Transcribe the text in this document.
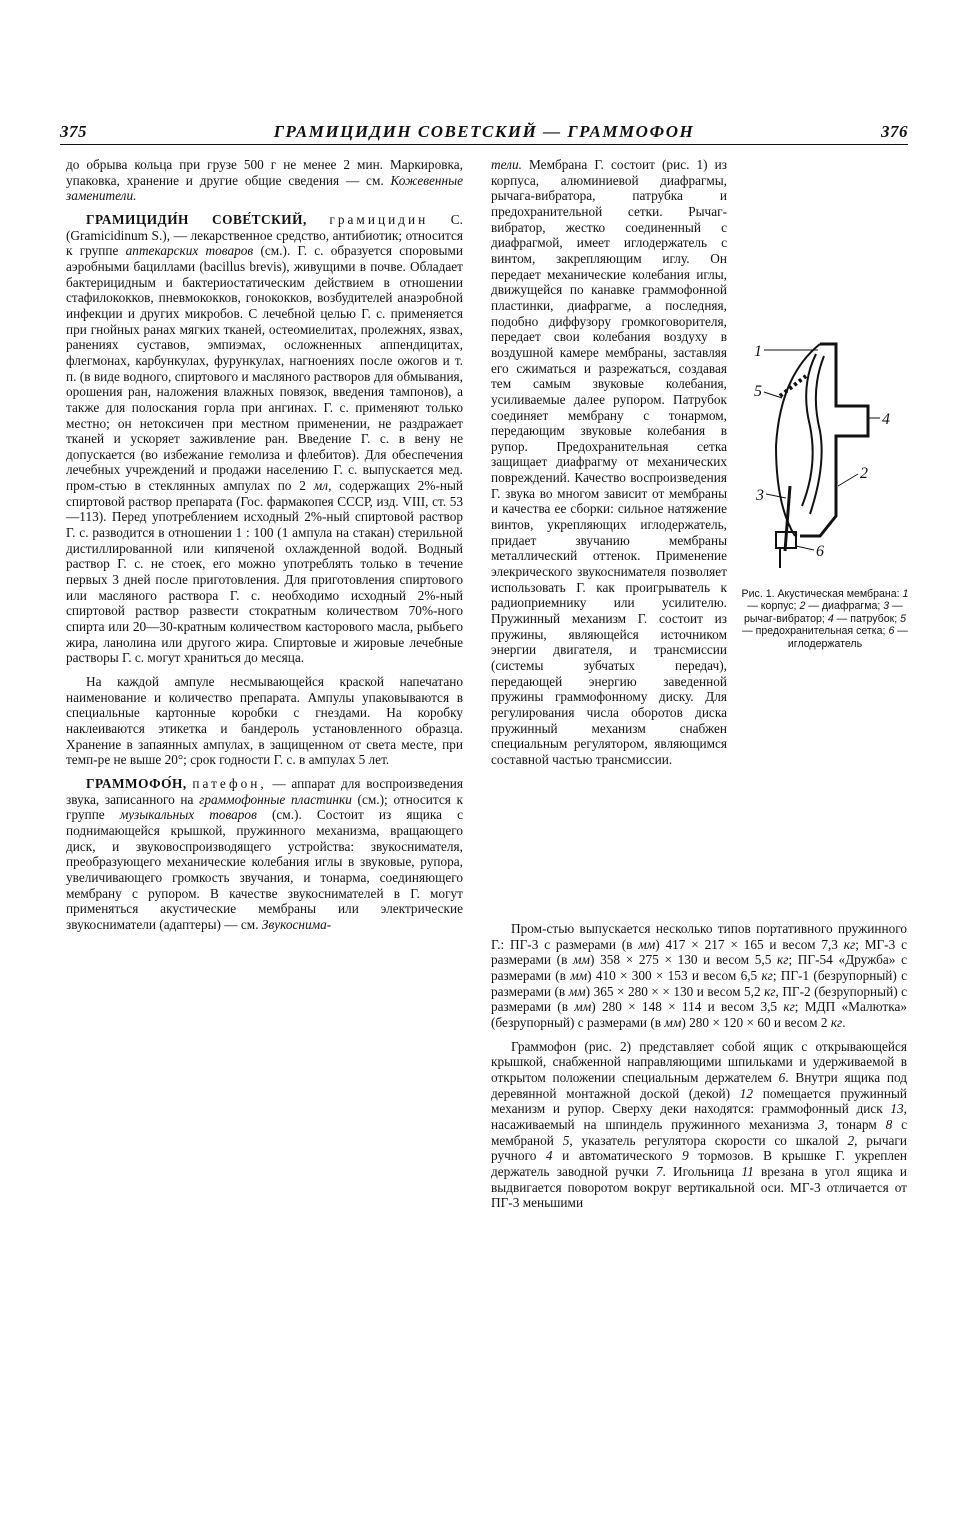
375	ГРАМИЦИДИН СОВЕТСКИЙ — ГРАММОФОН	376

до обрыва кольца при грузе 500 г не менее 2 мин. Маркировка, упаковка, хранение и другие общие сведения — см. Кожевенные заменители.

ГРАМИЦИДИ́Н СОВЕ́ТСКИЙ, грамицидин С. (Gramicidinum S.), — лекарственное средство, антибиотик; относится к группе аптекарских товаров (см.). Г. с. образуется споровыми аэробными бациллами (bacillus brevis), живущими в почве. Обладает бактерицидным и бактериостатическим действием в отношении стафилококков, пневмококков, гонококков, возбудителей анаэробной инфекции и других микробов. С лечебной целью Г. с. применяется при гнойных ранах мягких тканей, остеомиелитах, пролежнях, язвах, ранениях суставов, эмпиэмах, осложненных аппендицитах, флегмонах, карбункулах, фурункулах, нагноениях после ожогов и т. п. (в виде водного, спиртового и масляного растворов для обмывания, орошения ран, наложения влажных повязок, введения тампонов), а также для полоскания горла при ангинах. Г. с. применяют только местно; он нетоксичен при местном применении, не раздражает тканей и ускоряет заживление ран. Введение Г. с. в вену не допускается (во избежание гемолиза и флебитов). Для обеспечения лечебных учреждений и продажи населению Г. с. выпускается мед. пром-стью в стеклянных ампулах по 2 мл, содержащих 2%-ный спиртовой раствор препарата (Гос. фармакопея СССР, изд. VIII, ст. 53—113). Перед употреблением исходный 2%-ный спиртовой раствор Г. с. разводится в отношении 1 : 100 (1 ампула на стакан) стерильной дистиллированной или кипяченой охлажденной водой. Водный раствор Г. с. не стоек, его можно употреблять только в течение первых 3 дней после приготовления. Для приготовления спиртового или масляного раствора Г. с. необходимо исходный 2%-ный спиртовой раствор развести стократным количеством 70%-ного спирта или 20—30-кратным количеством касторового масла, рыбьего жира, ланолина или другого жира. Спиртовые и жировые лечебные растворы Г. с. могут храниться до месяца.

На каждой ампуле несмывающейся краской напечатано наименование и количество препарата. Ампулы упаковываются в специальные картонные коробки с гнездами. На коробку наклеиваются этикетка и бандероль установленного образца. Хранение в запаянных ампулах, в защищенном от света месте, при темп-ре не выше 20°; срок годности Г. с. в ампулах 5 лет.

ГРАММОФО́Н, патефон, — аппарат для воспроизведения звука, записанного на граммофонные пластинки (см.); относится к группе музыкальных товаров (см.). Состоит из ящика с поднимающейся крышкой, пружинного механизма, вращающего диск, и звуковоспроизводящего устройства: звукоснимателя, преобразующего механические колебания иглы в звуковые, рупора, увеличивающего громкость звучания, и тонарма, соединяющего мембрану с рупором. В качестве звукоснимателей в Г. могут применяться акустические мембраны или электрические звукосниматели (адаптеры) — см. Звукоснима-

тели. Мембрана Г. состоит (рис. 1) из корпуса, алюминиевой диафрагмы, рычага-вибратора, патрубка и предохранительной сетки. Рычаг-вибратор, жестко соединенный с диафрагмой, имеет иглодержатель с винтом, закрепляющим иглу. Он передает механические колебания иглы, движущейся по канавке граммофонной пластинки, диафрагме, а последняя, подобно диффузору громкоговорителя, передает свои колебания воздуху в воздушной камере мембраны, заставляя его сжиматься и разрежаться, создавая тем самым звуковые колебания, усиливаемые далее рупором. Патрубок соединяет мембрану с тонармом, передающим звуковые колебания в рупор. Предохранительная сетка защищает диафрагму от механических повреждений. Качество воспроизведения Г. звука во многом зависит от мембраны и качества ее сборки: сильное натяжение винтов, укрепляющих иглодержатель, придает звучанию мембраны металлический оттенок. Применение элекрического звукоснимателя позволяет использовать Г. как проигрыватель к радиоприемнику или усилителю. Пружинный механизм Г. состоит из пружины, являющейся источником энергии двигателя, и трансмиссии (системы зубчатых передач), передающей энергию заведенной пружины граммофонному диску. Для регулирования числа оборотов диска пружинный механизм снабжен специальным регулятором, являющимся составной частью трансмиссии.

1
5
4
2
3
6
Рис. 1. Акустическая мембрана: 1 — корпус; 2 — диафрагма; 3 — рычаг-вибратор; 4 — патрубок; 5 — предохранительная сетка; 6 — иглодержатель

Пром-стью выпускается несколько типов портативного пружинного Г.: ПГ-3 с размерами (в мм) 417 × 217 × 165 и весом 7,3 кг; МГ-3 с размерами (в мм) 358 × 275 × 130 и весом 5,5 кг; ПГ-54 «Дружба» с размерами (в мм) 410 × 300 × 153 и весом 6,5 кг; ПГ-1 (безрупорный) с размерами (в мм) 365 × 280 × × 130 и весом 5,2 кг, ПГ-2 (безрупорный) с размерами (в мм) 280 × 148 × 114 и весом 3,5 кг; МДП «Малютка» (безрупорный) с размерами (в мм) 280 × 120 × 60 и весом 2 кг.

Граммофон (рис. 2) представляет собой ящик с открывающейся крышкой, снабженной направляющими шпильками и удерживаемой в открытом положении специальным держателем 6. Внутри ящика под деревянной монтажной доской (декой) 12 помещается пружинный механизм и рупор. Сверху деки находятся: граммофонный диск 13, насаживаемый на шпиндель пружинного механизма 3, тонарм 8 с мембраной 5, указатель регулятора скорости со шкалой 2, рычаги ручного 4 и автоматического 9 тормозов. В крышке Г. укреплен держатель заводной ручки 7. Игольница 11 врезана в угол ящика и выдвигается поворотом вокруг вертикальной оси. МГ-3 отличается от ПГ-3 меньшими
